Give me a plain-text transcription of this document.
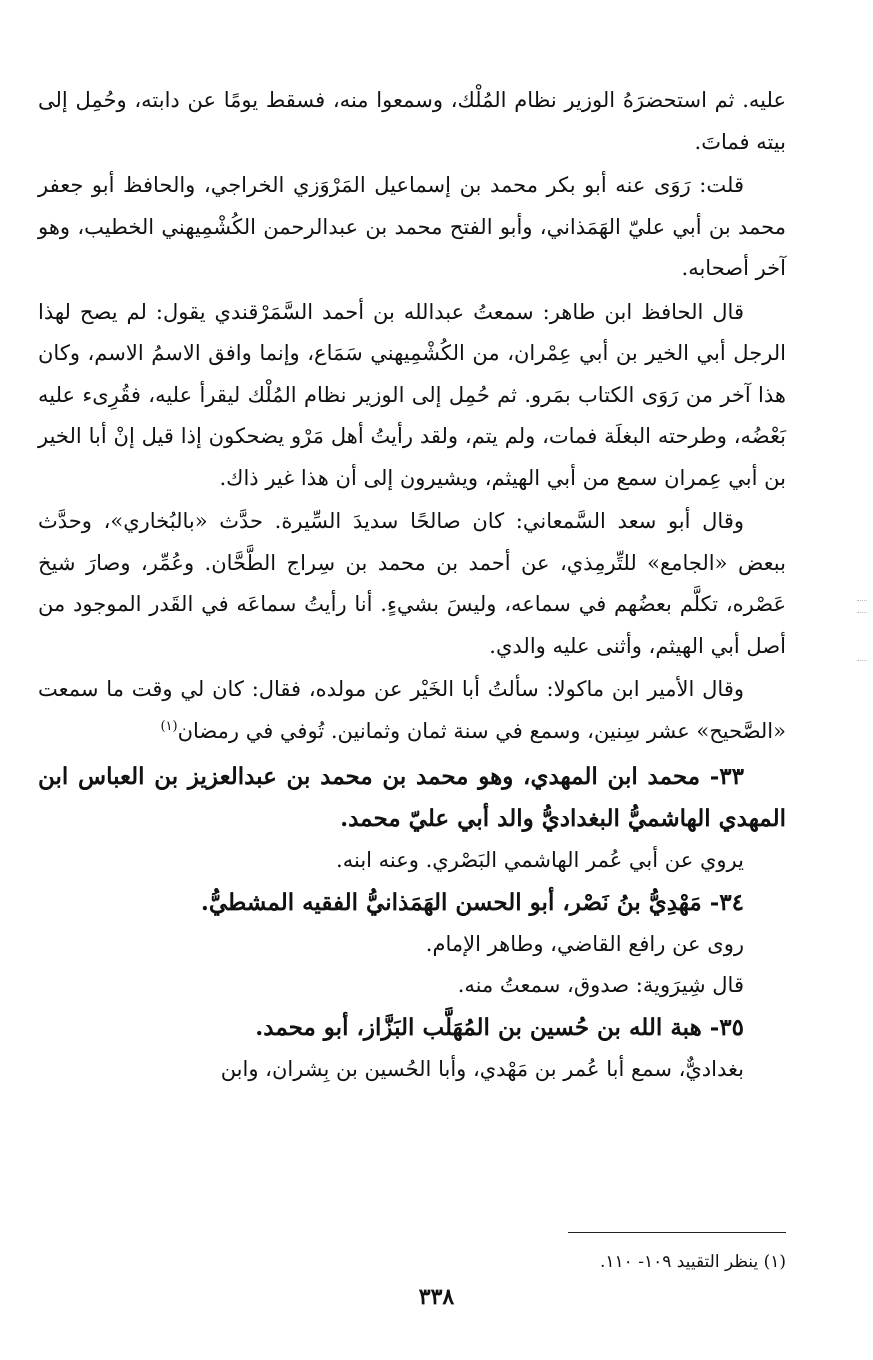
عليه. ثم استحضرَهُ الوزير نظام المُلْك، وسمعوا منه، فسقط يومًا عن دابته، وحُمِل إلى بيته فماتَ.

قلت: رَوَى عنه أبو بكر محمد بن إسماعيل المَرْوَزي الخراجي، والحافظ أبو جعفر محمد بن أبي عليّ الهَمَذاني، وأبو الفتح محمد بن عبدالرحمن الكُشْمِيهني الخطيب، وهو آخر أصحابه.

قال الحافظ ابن طاهر: سمعتُ عبدالله بن أحمد السَّمَرْقندي يقول: لم يصح لهذا الرجل أبي الخير بن أبي عِمْران، من الكُشْمِيهني سَمَاع، وإنما وافق الاسمُ الاسم، وكان هذا آخر من رَوَى الكتاب بمَرو. ثم حُمِل إلى الوزير نظام المُلْك ليقرأ عليه، فقُرِىء عليه بَعْضُه، وطرحته البغلَة فمات، ولم يتم، ولقد رأيتُ أهل مَرْو يضحكون إذا قيل إنْ أبا الخير بن أبي عِمران سمع من أبي الهيثم، ويشيرون إلى أن هذا غير ذاك.

وقال أبو سعد السَّمعاني: كان صالحًا سديدَ السِّيرة. حدَّث «بالبُخاري»، وحدَّث ببعض «الجامع» للتِّرمِذي، عن أحمد بن محمد بن سِراج الطَّحَّان. وعُمِّر، وصارَ شيخ عَصْره، تكلَّم بعضُهم في سماعه، وليسَ بشيءٍ. أنا رأيتُ سماعَه في القَدر الموجود من أصل أبي الهيثم، وأثنى عليه والدي.

وقال الأمير ابن ماكولا: سألتُ أبا الخَيْر عن مولده، فقال: كان لي وقت ما سمعت «الصَّحيح» عشر سِنين، وسمع في سنة ثمان وثمانين. تُوفي في رمضان$^{(١)}$

٣٣- محمد ابن المهدي، وهو محمد بن محمد بن عبدالعزيز بن العباس ابن المهدي الهاشميُّ البغداديُّ والد أبي عليّ محمد.

يروي عن أبي عُمر الهاشمي البَصْري. وعنه ابنه.

٣٤- مَهْدِيُّ بنُ نَصْر، أبو الحسن الهَمَذانيُّ الفقيه المشطيُّ.

روى عن رافع القاضي، وطاهر الإمام.

قال شِيرَوية: صدوق، سمعتُ منه.

٣٥- هبة الله بن حُسين بن المُهَلَّب البَزَّاز، أبو محمد.

بغداديٌّ، سمع أبا عُمر بن مَهْدي، وأبا الحُسين بن بِشران، وابن

(١) ينظر التقييد ١٠٩- ١١٠.
٣٣٨
